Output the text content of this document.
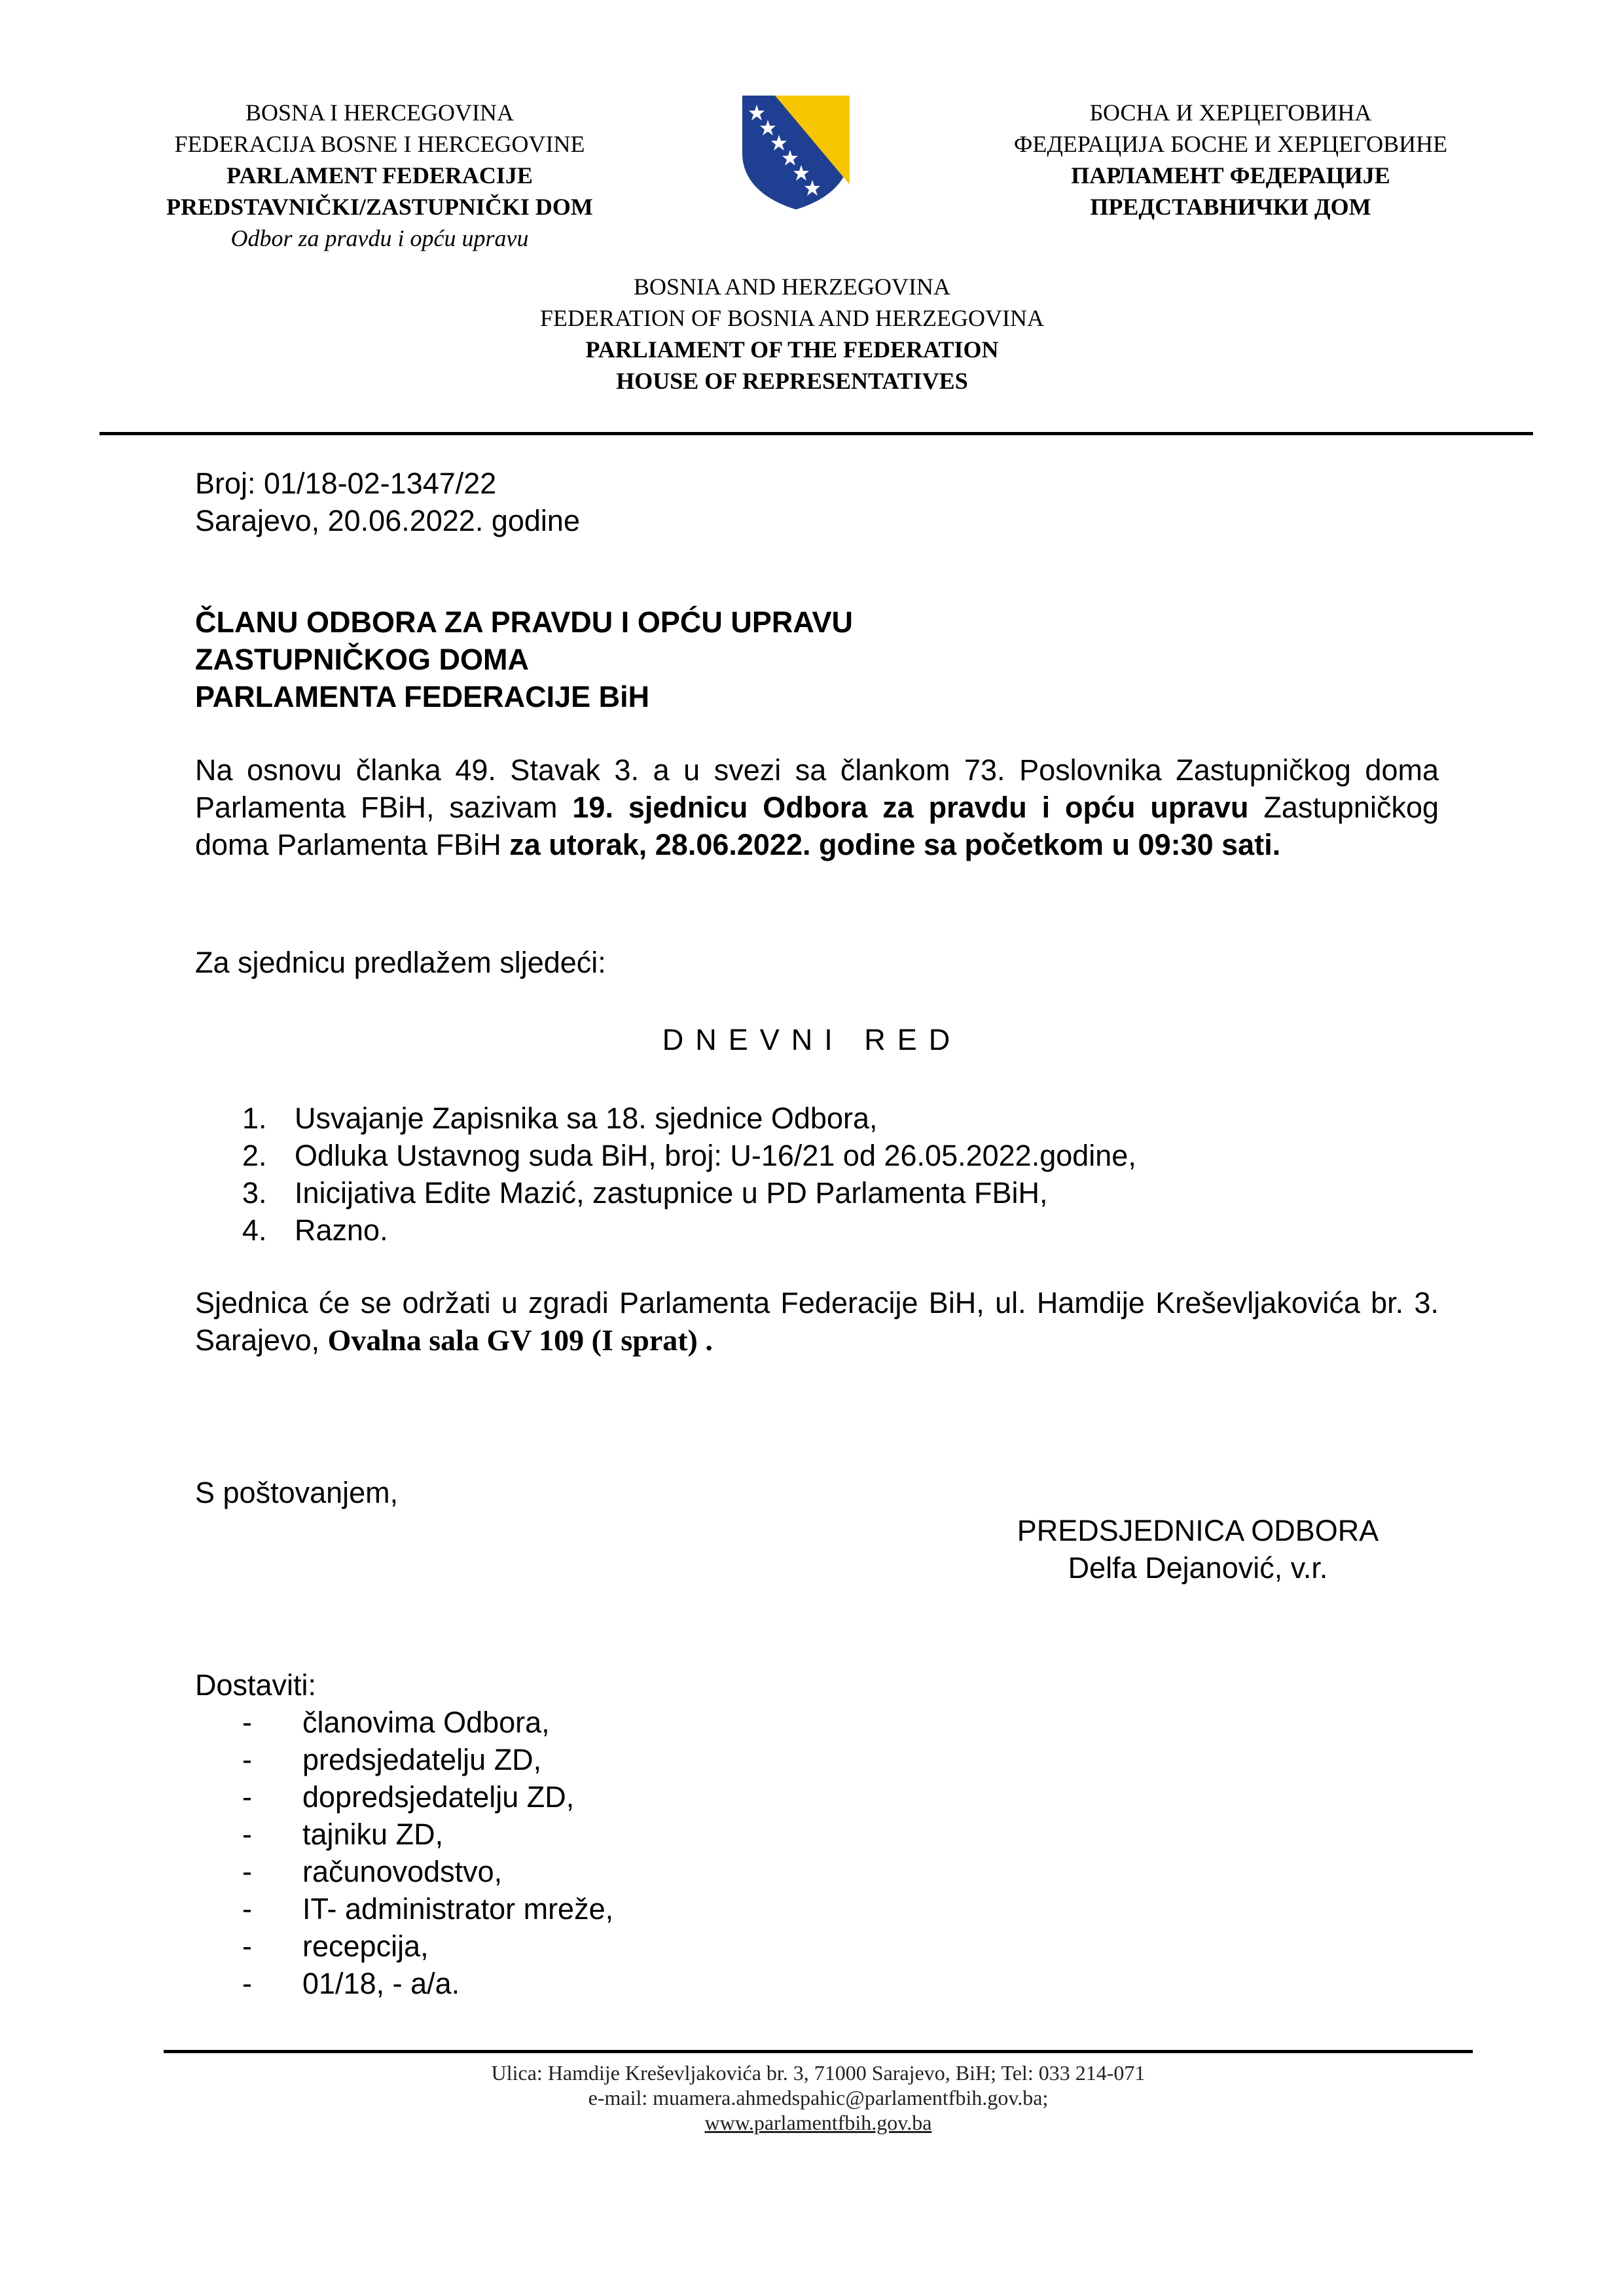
BOSNA I HERCEGOVINA
FEDERACIJA BOSNE I HERCEGOVINE
PARLAMENT FEDERACIJE
PREDSTAVNIČKI/ZASTUPNIČKI DOM
Odbor za pravdu i opću upravu
БОСНА И ХЕРЦЕГОВИНА
ФЕДЕРАЦИЈА БОСНЕ И ХЕРЦЕГОВИНЕ
ПАРЛАМЕНТ ФЕДЕРАЦИЈЕ
ПРЕДСТАВНИЧКИ ДОМ
BOSNIA AND HERZEGOVINA
FEDERATION OF BOSNIA AND HERZEGOVINA
PARLIAMENT OF THE FEDERATION
HOUSE OF REPRESENTATIVES
Broj: 01/18-02-1347/22
Sarajevo, 20.06.2022. godine
ČLANU ODBORA ZA PRAVDU I OPĆU UPRAVU
ZASTUPNIČKOG DOMA
PARLAMENTA FEDERACIJE BiH
Na osnovu članka 49. Stavak 3. a u svezi sa člankom 73. Poslovnika Zastupničkog doma Parlamenta FBiH, sazivam 19. sjednicu Odbora za pravdu i opću upravu Zastupničkog doma Parlamenta FBiH za utorak, 28.06.2022. godine sa početkom u 09:30 sati.
Za sjednicu predlažem sljedeći:
DNEVNI RED
1. Usvajanje Zapisnika sa 18. sjednice Odbora,
2. Odluka Ustavnog suda BiH, broj: U-16/21 od 26.05.2022.godine,
3. Inicijativa Edite Mazić, zastupnice u PD Parlamenta FBiH,
4. Razno.
Sjednica će se održati u zgradi Parlamenta Federacije BiH, ul. Hamdije Kreševljakovića br. 3. Sarajevo, Ovalna sala GV 109 (I sprat) .
S poštovanjem,
PREDSJEDNICA ODBORA
Delfa Dejanović, v.r.
Dostaviti:
- članovima Odbora,
- predsjedatelju ZD,
- dopredsjedatelju ZD,
- tajniku ZD,
- računovodstvo,
- IT- administrator mreže,
- recepcija,
- 01/18, - a/a.
Ulica: Hamdije Kreševljakovića br. 3, 71000 Sarajevo, BiH; Tel: 033 214-071
e-mail: muamera.ahmedspahic@parlamentfbih.gov.ba;
www.parlamentfbih.gov.ba
